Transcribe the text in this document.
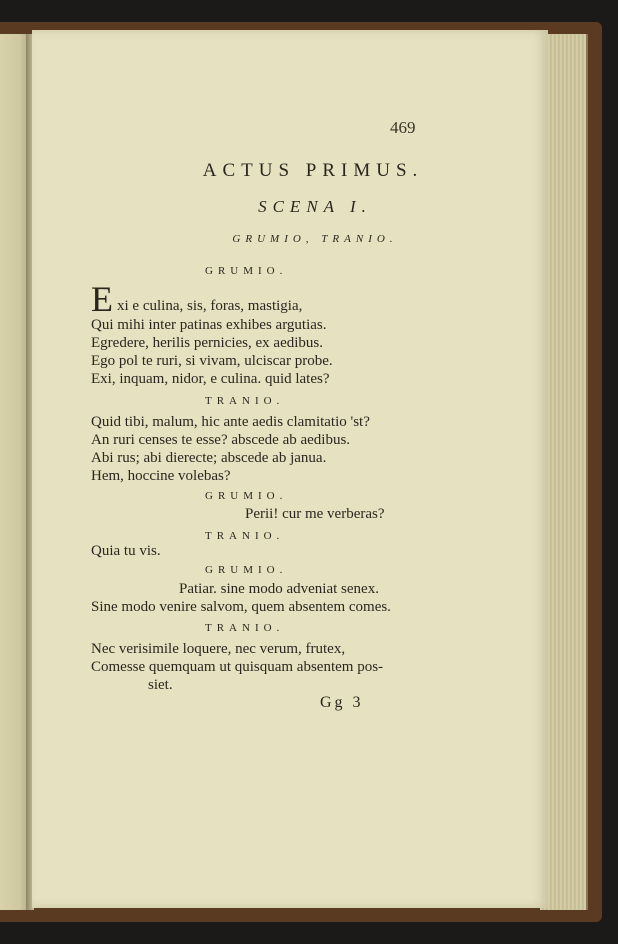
469
ACTUS PRIMUS.
SCENA I.
GRUMIO, TRANIO.
GRUMIO.
E xi e culina, sis, foras, mastigia,
Qui mihi inter patinas exhibes argutias.
Egredere, herilis pernicies, ex aedibus.
Ego pol te ruri, si vivam, ulciscar probe.
Exi, inquam, nidor, e culina. quid lates?
TRANIO.
Quid tibi, malum, hic ante aedis clamitatio 'st?
An ruri censes te esse? abscede ab aedibus.
Abi rus; abi dierecte; abscede ab janua.
Hem, hoccine volebas?
GRUMIO.
Perii! cur me verberas?
TRANIO.
Quia tu vis.
GRUMIO.
Patiar. sine modo adveniat senex.
Sine modo venire salvom, quem absentem comes.
TRANIO.
Nec verisimile loquere, nec verum, frutex,
Comesse quemquam ut quisquam absentem pos-
siet.
Gg 3
